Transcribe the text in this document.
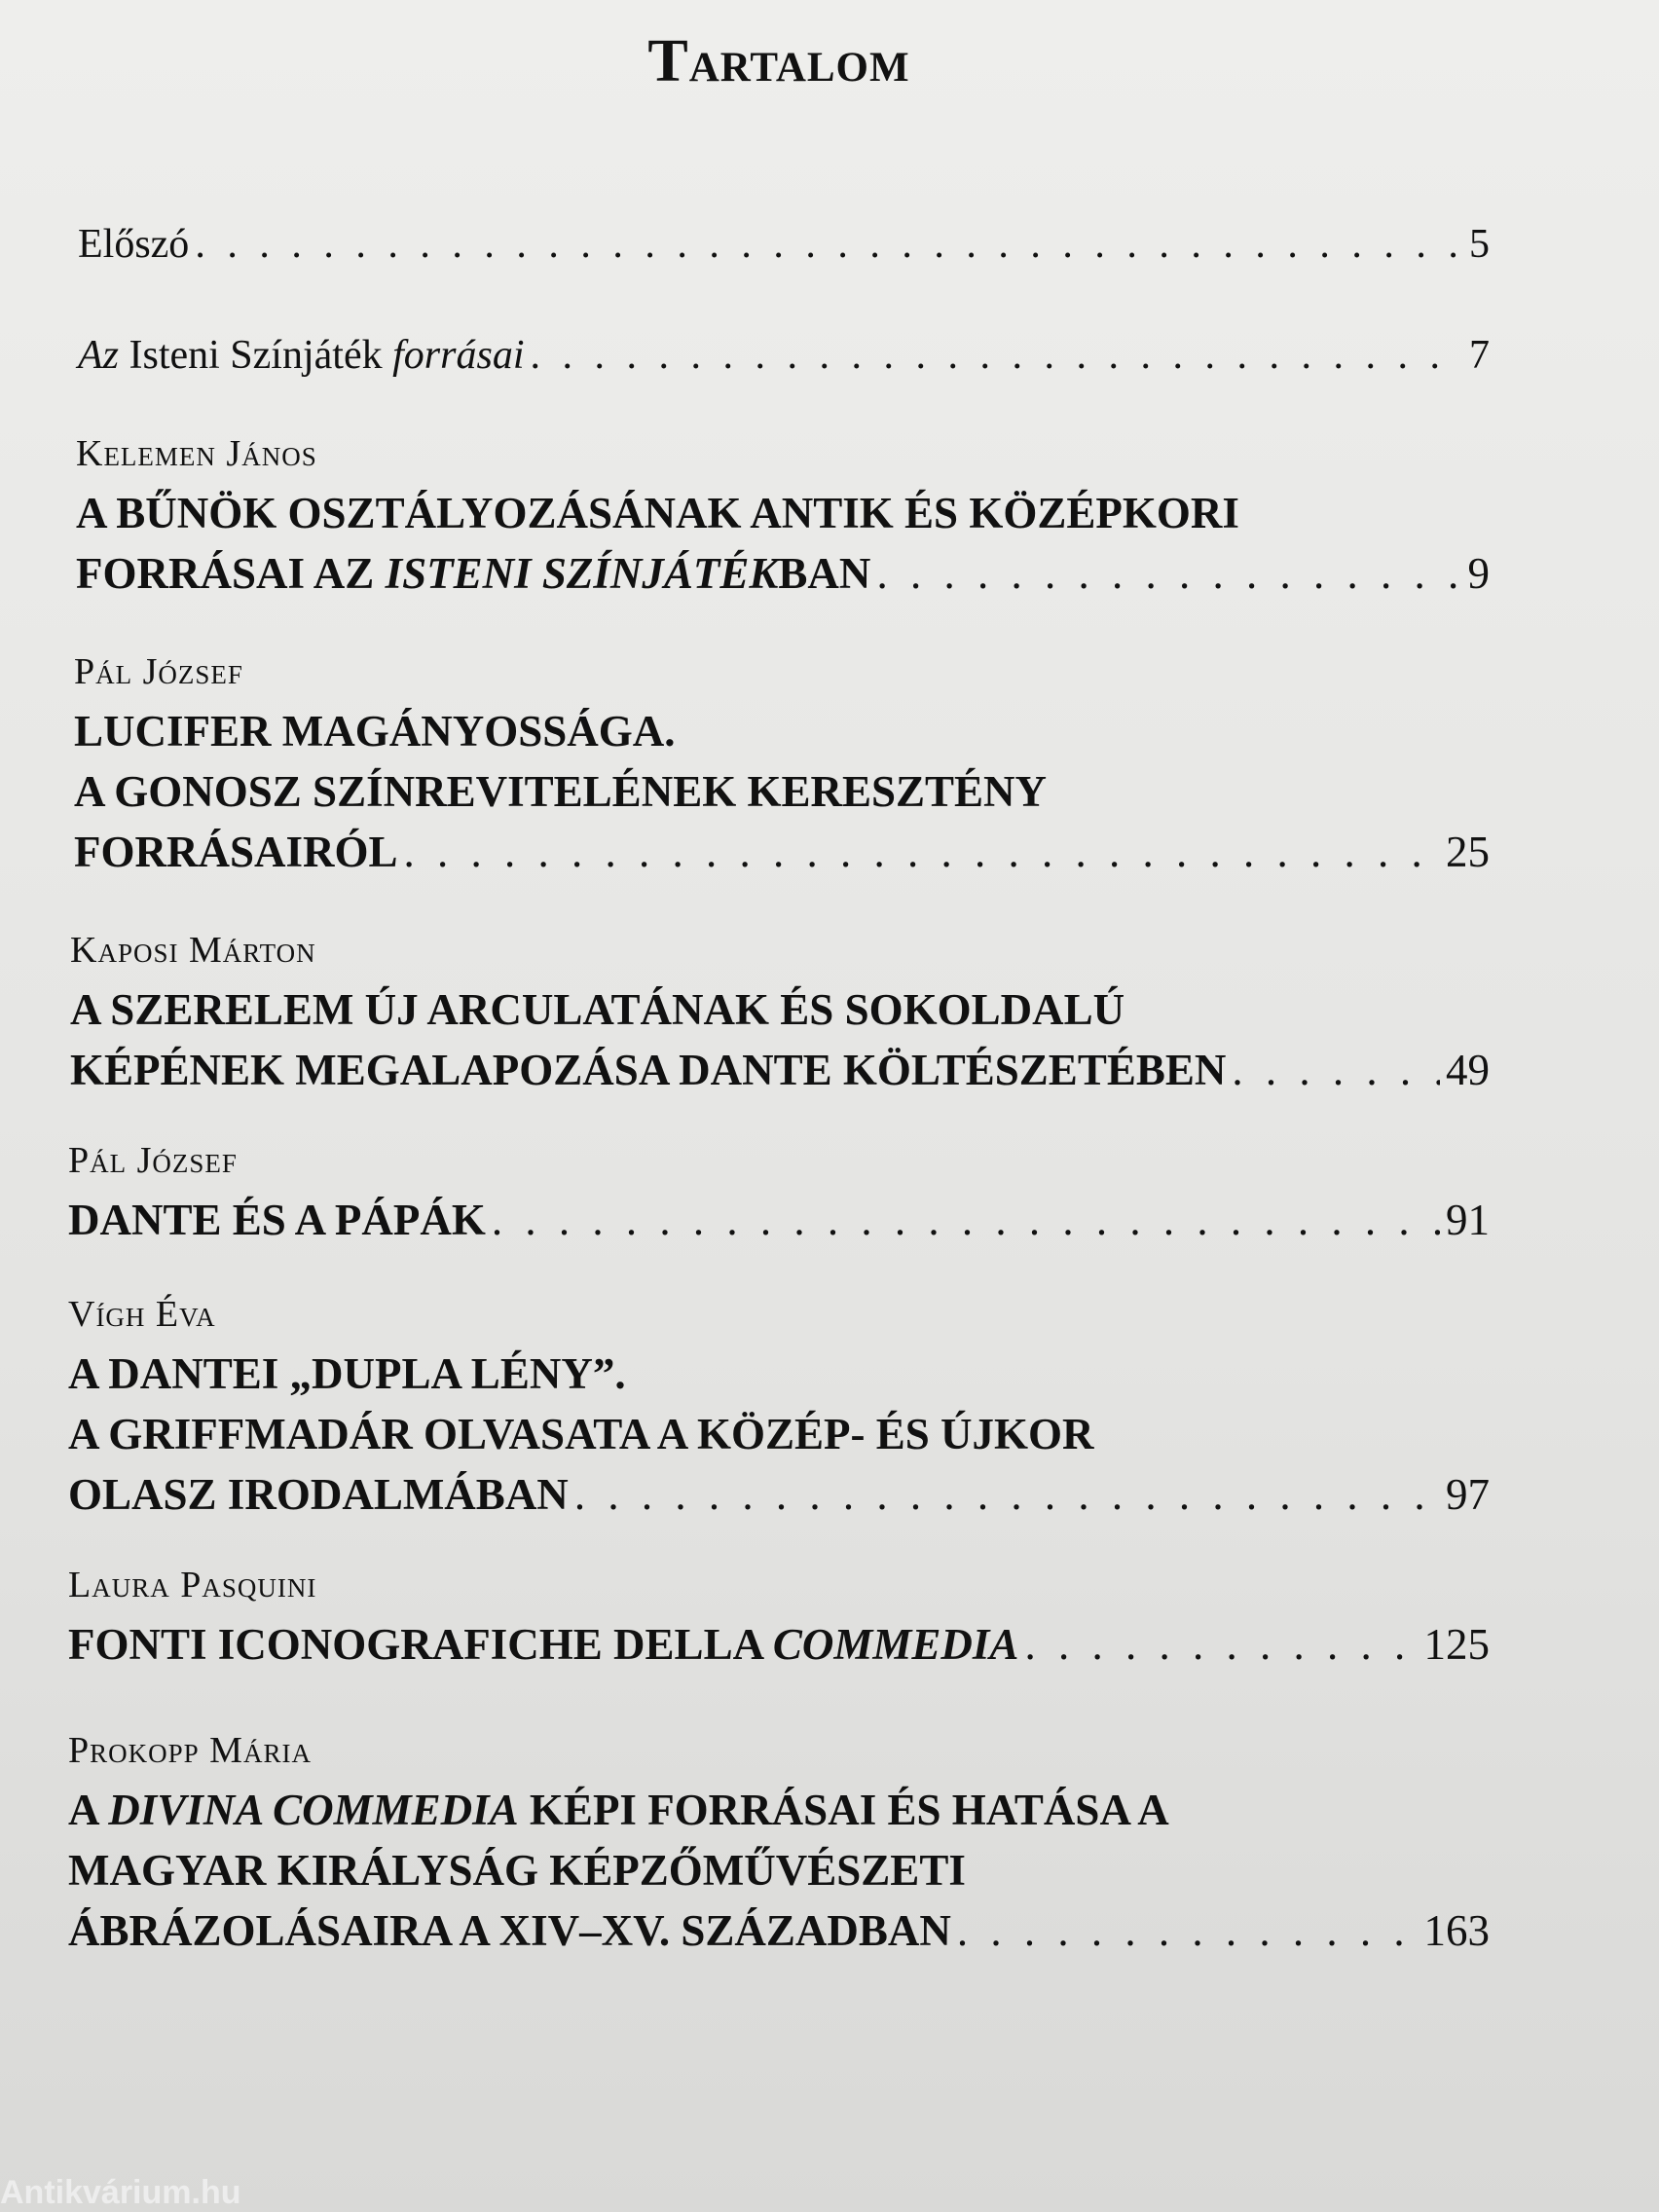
Tartalom
Előszó . . .	5
Az Isteni Színjáték forrásai . . .	7
Kelemen János
A BŰNÖK OSZTÁLYOZÁSÁNAK ANTIK ÉS KÖZÉPKORI
FORRÁSAI AZ ISTENI SZÍNJÁTÉKBAN . . .	9
Pál József
LUCIFER MAGÁNYOSSÁGA.
A GONOSZ SZÍNREVITELÉNEK KERESZTÉNY
FORRÁSAIRÓL . . .	25
Kaposi Márton
A SZERELEM ÚJ ARCULATÁNAK ÉS SOKOLDALÚ
KÉPÉNEK MEGALAPOZÁSA DANTE KÖLTÉSZETÉBEN . . .	49
Pál József
DANTE ÉS A PÁPÁK . . .	91
Vígh Éva
A DANTEI „DUPLA LÉNY”.
A GRIFFMADÁR OLVASATA A KÖZÉP- ÉS ÚJKOR
OLASZ IRODALMÁBAN . . .	97
Laura Pasquini
FONTI ICONOGRAFICHE DELLA COMMEDIA . . .	125
Prokopp Mária
A DIVINA COMMEDIA KÉPI FORRÁSAI ÉS HATÁSA A
MAGYAR KIRÁLYSÁG KÉPZŐMŰVÉSZETI
ÁBRÁZOLÁSAIRA A XIV–XV. SZÁZADBAN . . .	163
Antikvárium.hu
